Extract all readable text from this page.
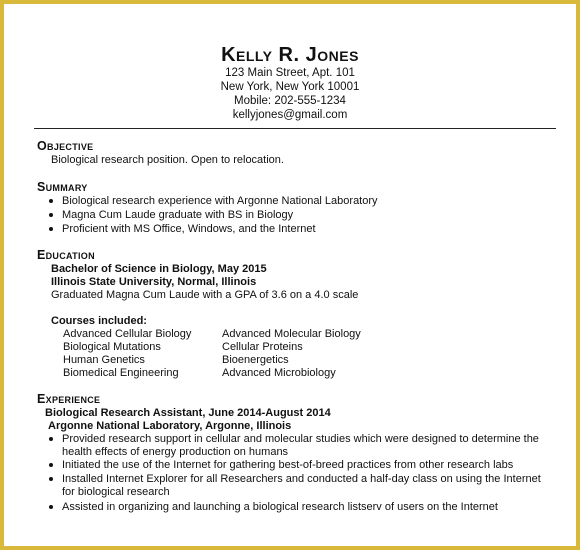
Kelly R. Jones
123 Main Street, Apt. 101
New York, New York 10001
Mobile: 202-555-1234
kellyjones@gmail.com
Objective
Biological research position. Open to relocation.
Summary
Biological research experience with Argonne National Laboratory
Magna Cum Laude graduate with BS in Biology
Proficient with MS Office, Windows, and the Internet
Education
Bachelor of Science in Biology, May 2015
Illinois State University, Normal, Illinois
Graduated Magna Cum Laude with a GPA of 3.6 on a 4.0 scale
Courses included:
Advanced Cellular Biology
Biological Mutations
Human Genetics
Biomedical Engineering
Advanced Molecular Biology
Cellular Proteins
Bioenergetics
Advanced Microbiology
Experience
Biological Research Assistant, June 2014-August 2014
Argonne National Laboratory, Argonne, Illinois
Provided research support in cellular and molecular studies which were designed to determine the health effects of energy production on humans
Initiated the use of the Internet for gathering best-of-breed practices from other research labs
Installed Internet Explorer for all Researchers and conducted a half-day class on using the Internet for biological research
Assisted in organizing and launching a biological research listserv of users on the Internet
